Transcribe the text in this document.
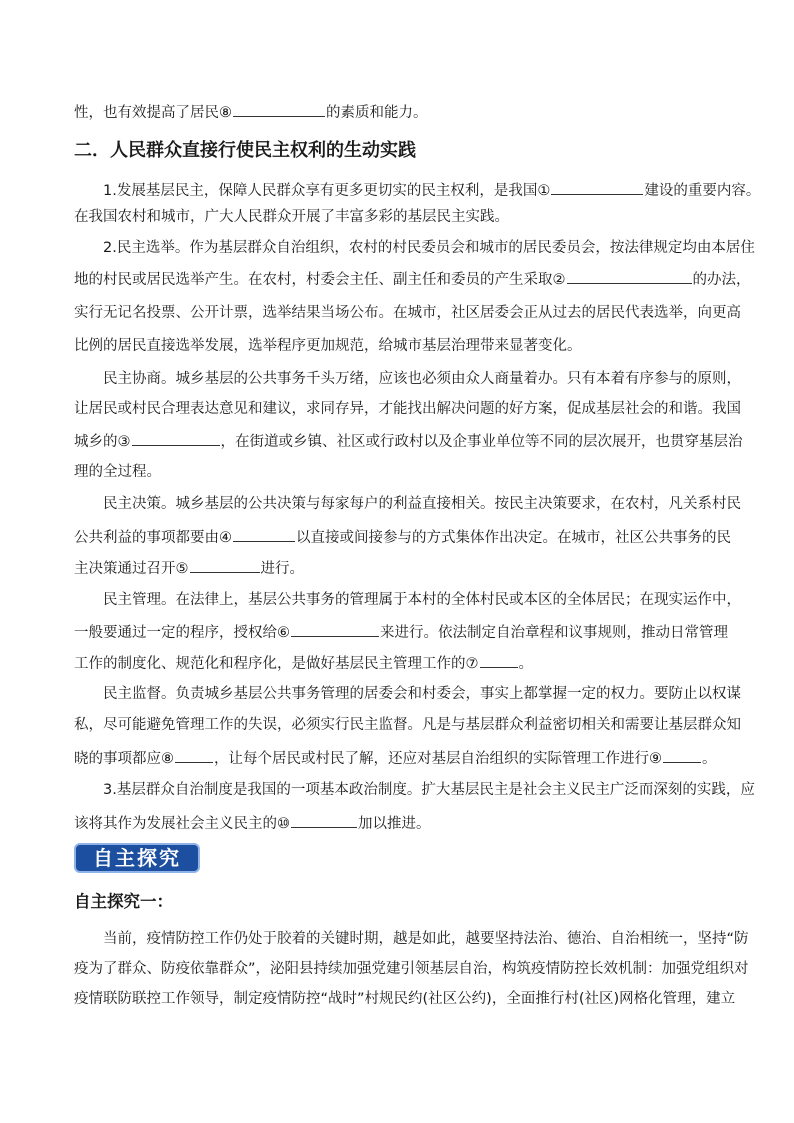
性，也有效提高了居民⑧	的素质和能力。
二．人民群众直接行使民主权利的生动实践
1.发展基层民主，保障人民群众享有更多更切实的民主权利，是我国①	建设的重要内容。
在我国农村和城市，广大人民群众开展了丰富多彩的基层民主实践。
2.民主选举。作为基层群众自治组织，农村的村民委员会和城市的居民委员会，按法律规定均由本居住
地的村民或居民选举产生。在农村，村委会主任、副主任和委员的产生采取②	的办法，
实行无记名投票、公开计票，选举结果当场公布。在城市，社区居委会正从过去的居民代表选举，向更高
比例的居民直接选举发展，选举程序更加规范，给城市基层治理带来显著变化。
民主协商。城乡基层的公共事务千头万绪，应该也必须由众人商量着办。只有本着有序参与的原则，
让居民或村民合理表达意见和建议，求同存异，才能找出解决问题的好方案，促成基层社会的和谐。我国
城乡的③	，在街道或乡镇、社区或行政村以及企事业单位等不同的层次展开，也贯穿基层治
理的全过程。
民主决策。城乡基层的公共决策与每家每户的利益直接相关。按民主决策要求，在农村，凡关系村民
公共利益的事项都要由④	以直接或间接参与的方式集体作出决定。在城市，社区公共事务的民
主决策通过召开⑤	进行。
民主管理。在法律上，基层公共事务的管理属于本村的全体村民或本区的全体居民；在现实运作中，
一般要通过一定的程序，授权给⑥	来进行。依法制定自治章程和议事规则，推动日常管理
工作的制度化、规范化和程序化，是做好基层民主管理工作的⑦	。
民主监督。负责城乡基层公共事务管理的居委会和村委会，事实上都掌握一定的权力。要防止以权谋
私，尽可能避免管理工作的失误，必须实行民主监督。凡是与基层群众利益密切相关和需要让基层群众知
晓的事项都应⑧	，让每个居民或村民了解，还应对基层自治组织的实际管理工作进行⑨	。
3.基层群众自治制度是我国的一项基本政治制度。扩大基层民主是社会主义民主广泛而深刻的实践，应
该将其作为发展社会主义民主的⑩	加以推进。
自主探究
自主探究一：
当前，疫情防控工作仍处于胶着的关键时期，越是如此，越要坚持法治、德治、自治相统一，坚持“防
疫为了群众、防疫依靠群众”，泌阳县持续加强党建引领基层自治，构筑疫情防控长效机制：加强党组织对
疫情联防联控工作领导，制定疫情防控“战时”村规民约(社区公约)，全面推行村(社区)网格化管理，建立
